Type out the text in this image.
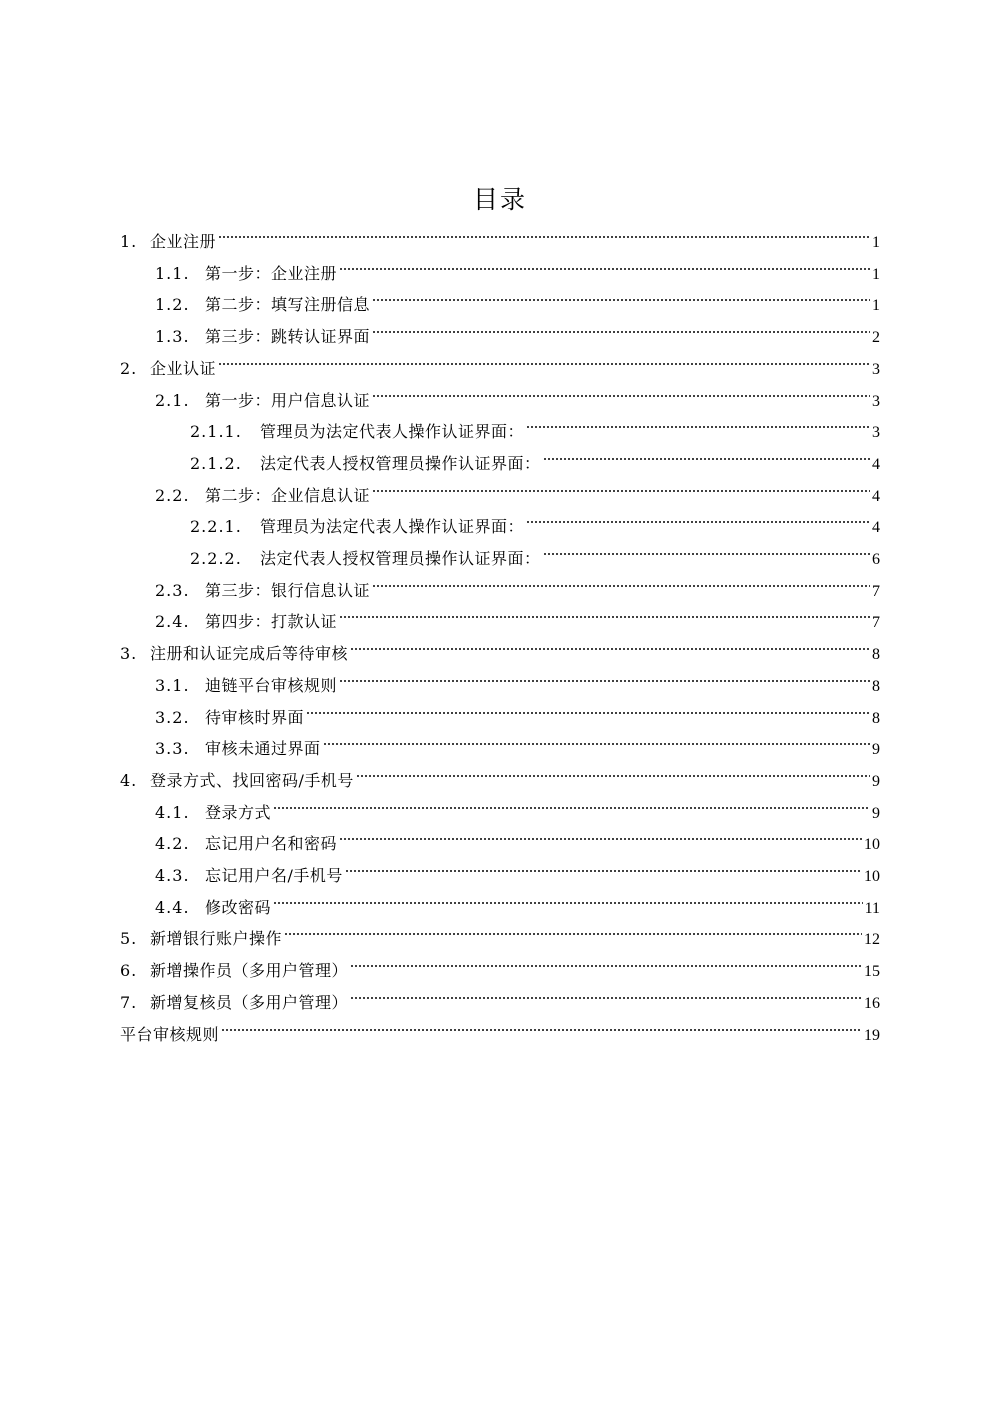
目录
1. 企业注册	1
1.1. 第一步：企业注册	1
1.2. 第二步：填写注册信息	1
1.3. 第三步：跳转认证界面	2
2. 企业认证	3
2.1. 第一步：用户信息认证	3
2.1.1.	管理员为法定代表人操作认证界面：	3
2.1.2.	法定代表人授权管理员操作认证界面：	4
2.2. 第二步：企业信息认证	4
2.2.1.	管理员为法定代表人操作认证界面：	4
2.2.2.	法定代表人授权管理员操作认证界面：	6
2.3. 第三步：银行信息认证	7
2.4. 第四步：打款认证	7
3. 注册和认证完成后等待审核	8
3.1. 迪链平台审核规则	8
3.2. 待审核时界面	8
3.3. 审核未通过界面	9
4. 登录方式、找回密码/手机号	9
4.1. 登录方式	9
4.2. 忘记用户名和密码	10
4.3. 忘记用户名/手机号	10
4.4. 修改密码	11
5. 新增银行账户操作	12
6. 新增操作员（多用户管理）	15
7. 新增复核员（多用户管理）	16
平台审核规则	19
